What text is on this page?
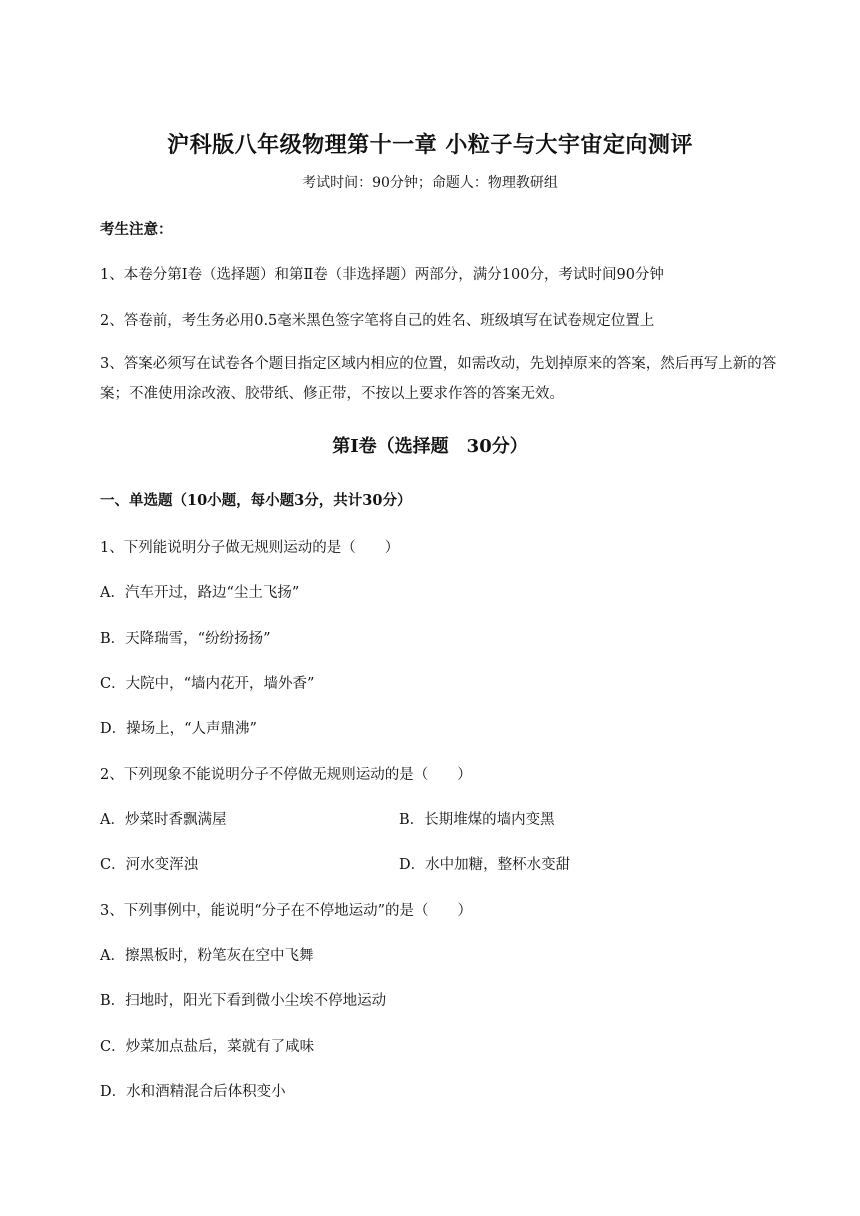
沪科版八年级物理第十一章 小粒子与大宇宙定向测评
考试时间：90分钟；命题人：物理教研组
考生注意：
1、本卷分第Ⅰ卷（选择题）和第Ⅱ卷（非选择题）两部分，满分100分，考试时间90分钟
2、答卷前，考生务必用0.5毫米黑色签字笔将自己的姓名、班级填写在试卷规定位置上
3、答案必须写在试卷各个题目指定区域内相应的位置，如需改动，先划掉原来的答案，然后再写上新的答案；不准使用涂改液、胶带纸、修正带，不按以上要求作答的答案无效。
第Ⅰ卷（选择题　30分）
一、单选题（10小题，每小题3分，共计30分）
1、下列能说明分子做无规则运动的是（　　）
A．汽车开过，路边“尘土飞扬”
B．天降瑞雪，“纷纷扬扬”
C．大院中，“墙内花开，墙外香”
D．操场上，“人声鼎沸”
2、下列现象不能说明分子不停做无规则运动的是（　　）
A．炒菜时香飘满屋	B．长期堆煤的墙内变黑
C．河水变浑浊	D．水中加糖，整杯水变甜
3、下列事例中，能说明“分子在不停地运动”的是（　　）
A．擦黑板时，粉笔灰在空中飞舞
B．扫地时，阳光下看到微小尘埃不停地运动
C．炒菜加点盐后，菜就有了咸味
D．水和酒精混合后体积变小
